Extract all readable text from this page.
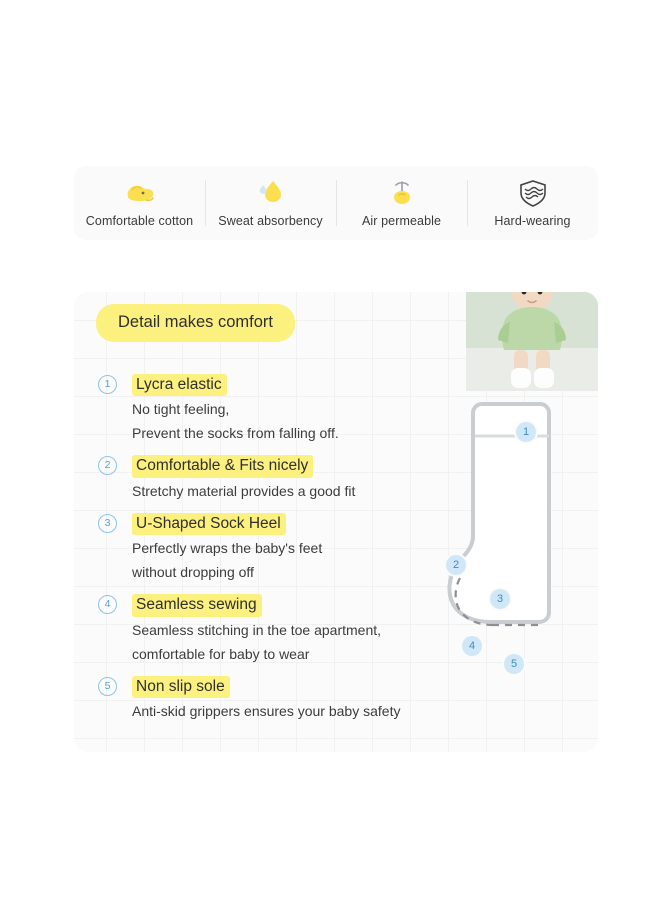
Comfortable cotton Sweat absorbency	Air permeable	Hard-wearing
Detail makes comfort
1	Lycra elastic
No tight feeling,
Prevent the socks from falling off.
2	Comfortable & Fits nicely
Stretchy material provides a good fit
3	U-Shaped Sock Heel
Perfectly wraps the baby's feet
without dropping off
4	Seamless sewing
Seamless stitching in the toe apartment,
comfortable for baby to wear
5	Non slip sole
Anti-skid grippers ensures your baby safety
1
2
3
4
5
